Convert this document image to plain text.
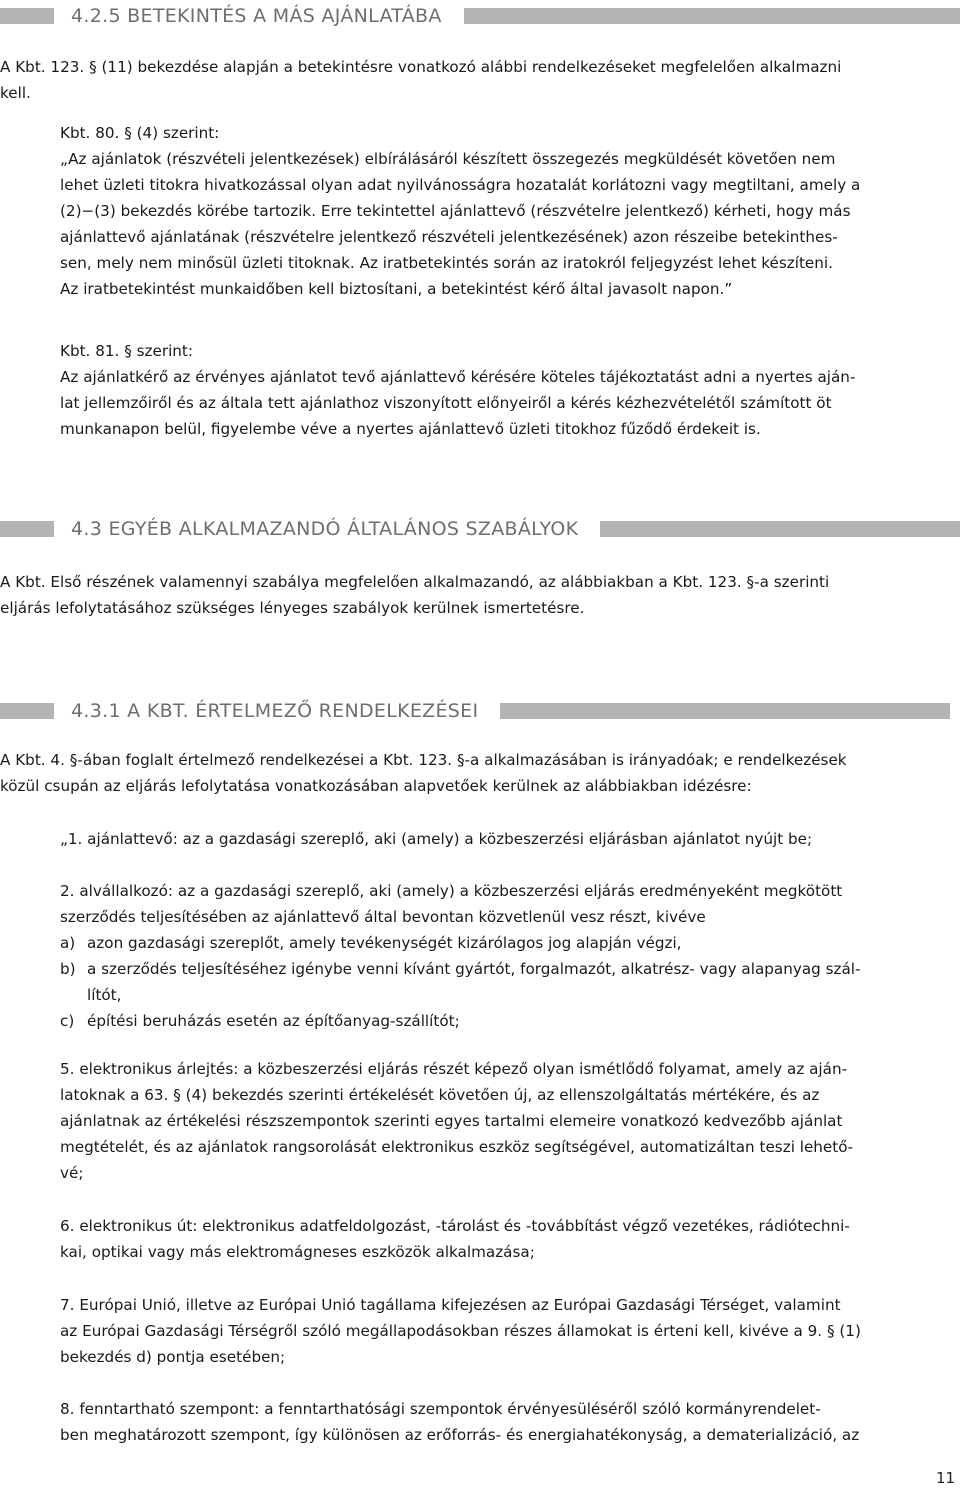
4.2.5 BETEKINTÉS A MÁS AJÁNLATÁBA
A Kbt. 123. § (11) bekezdése alapján a betekintésre vonatkozó alábbi rendelkezéseket megfelelően alkalmazni
kell.
Kbt. 80. § (4) szerint:
„Az ajánlatok (részvételi jelentkezések) elbírálásáról készített összegezés megküldését követően nem
lehet üzleti titokra hivatkozással olyan adat nyilvánosságra hozatalát korlátozni vagy megtiltani, amely a
(2)−(3) bekezdés körébe tartozik. Erre tekintettel ajánlattevő (részvételre jelentkező) kérheti, hogy más
ajánlattevő ajánlatának (részvételre jelentkező részvételi jelentkezésének) azon részeibe betekinthes-
sen, mely nem minősül üzleti titoknak. Az iratbetekintés során az iratokról feljegyzést lehet készíteni.
Az iratbetekintést munkaidőben kell biztosítani, a betekintést kérő által javasolt napon.”
Kbt. 81. § szerint:
Az ajánlatkérő az érvényes ajánlatot tevő ajánlattevő kérésére köteles tájékoztatást adni a nyertes aján-
lat jellemzőiről és az általa tett ajánlathoz viszonyított előnyeiről a kérés kézhezvételétől számított öt
munkanapon belül, figyelembe véve a nyertes ajánlattevő üzleti titokhoz fűződő érdekeit is.
4.3 EGYÉB ALKALMAZANDÓ ÁLTALÁNOS SZABÁLYOK
A Kbt. Első részének valamennyi szabálya megfelelően alkalmazandó, az alábbiakban a Kbt. 123. §-a szerinti
eljárás lefolytatásához szükséges lényeges szabályok kerülnek ismertetésre.
4.3.1 A KBT. ÉRTELMEZŐ RENDELKEZÉSEI
A Kbt. 4. §-ában foglalt értelmező rendelkezései a Kbt. 123. §-a alkalmazásában is irányadóak; e rendelkezések
közül csupán az eljárás lefolytatása vonatkozásában alapvetőek kerülnek az alábbiakban idézésre:
„1. ajánlattevő: az a gazdasági szereplő, aki (amely) a közbeszerzési eljárásban ajánlatot nyújt be;
2. alvállalkozó: az a gazdasági szereplő, aki (amely) a közbeszerzési eljárás eredményeként megkötött
szerződés teljesítésében az ajánlattevő által bevontan közvetlenül vesz részt, kivéve
a) azon gazdasági szereplőt, amely tevékenységét kizárólagos jog alapján végzi,
b) a szerződés teljesítéséhez igénybe venni kívánt gyártót, forgalmazót, alkatrész- vagy alapanyag szál-
lítót,
c) építési beruházás esetén az építőanyag-szállítót;
5. elektronikus árlejtés: a közbeszerzési eljárás részét képező olyan ismétlődő folyamat, amely az aján-
latoknak a 63. § (4) bekezdés szerinti értékelését követően új, az ellenszolgáltatás mértékére, és az
ajánlatnak az értékelési részszempontok szerinti egyes tartalmi elemeire vonatkozó kedvezőbb ajánlat
megtételét, és az ajánlatok rangsorolását elektronikus eszköz segítségével, automatizáltan teszi lehető-
vé;
6. elektronikus út: elektronikus adatfeldolgozást, -tárolást és -továbbítást végző vezetékes, rádiótechni-
kai, optikai vagy más elektromágneses eszközök alkalmazása;
7. Európai Unió, illetve az Európai Unió tagállama kifejezésen az Európai Gazdasági Térséget, valamint
az Európai Gazdasági Térségről szóló megállapodásokban részes államokat is érteni kell, kivéve a 9. § (1)
bekezdés d) pontja esetében;
8. fenntartható szempont: a fenntarthatósági szempontok érvényesüléséről szóló kormányrendelet-
ben meghatározott szempont, így különösen az erőforrás- és energiahatékonyság, a dematerializáció, az
11
